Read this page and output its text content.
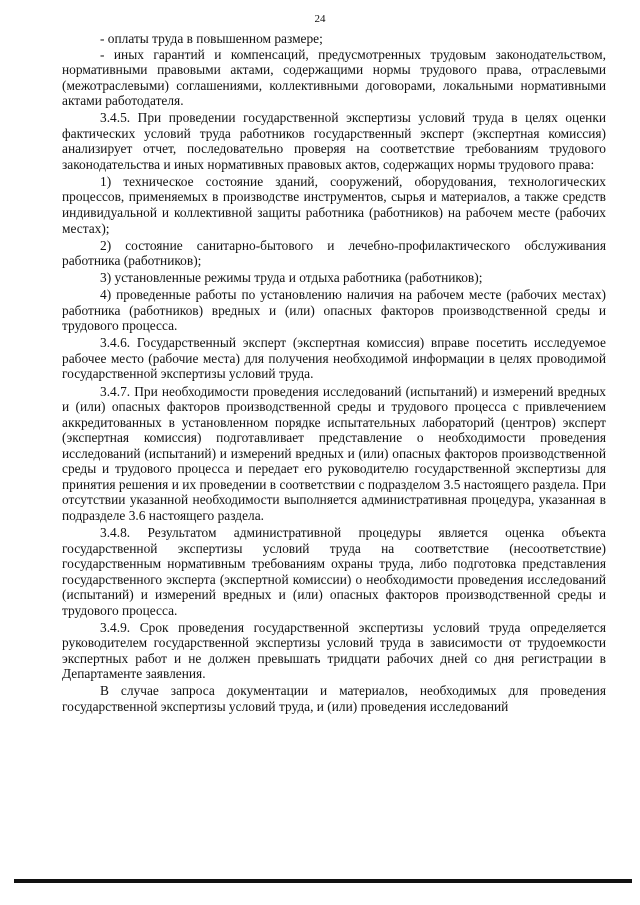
24

- оплаты труда в повышенном размере;

- иных гарантий и компенсаций, предусмотренных трудовым законодательством, нормативными правовыми актами, содержащими нормы трудового права, отраслевыми (межотраслевыми) соглашениями, коллективными договорами, локальными нормативными актами работодателя.

3.4.5. При проведении государственной экспертизы условий труда в целях оценки фактических условий труда работников государственный эксперт (экспертная комиссия) анализирует отчет, последовательно проверяя на соответствие требованиям трудового законодательства и иных нормативных правовых актов, содержащих нормы трудового права:

1) техническое состояние зданий, сооружений, оборудования, технологических процессов, применяемых в производстве инструментов, сырья и материалов, а также средств индивидуальной и коллективной защиты работника (работников) на рабочем месте (рабочих местах);

2) состояние санитарно-бытового и лечебно-профилактического обслуживания работника (работников);

3) установленные режимы труда и отдыха работника (работников);

4) проведенные работы по установлению наличия на рабочем месте (рабочих местах) работника (работников) вредных и (или) опасных факторов производственной среды и трудового процесса.

3.4.6. Государственный эксперт (экспертная комиссия) вправе посетить исследуемое рабочее место (рабочие места) для получения необходимой информации в целях проводимой государственной экспертизы условий труда.

3.4.7. При необходимости проведения исследований (испытаний) и измерений вредных и (или) опасных факторов производственной среды и трудового процесса с привлечением аккредитованных в установленном порядке испытательных лабораторий (центров) эксперт (экспертная комиссия) подготавливает представление о необходимости проведения исследований (испытаний) и измерений вредных и (или) опасных факторов производственной среды и трудового процесса и передает его руководителю государственной экспертизы для принятия решения и их проведении в соответствии с подразделом 3.5 настоящего раздела. При отсутствии указанной необходимости выполняется административная процедура, указанная в подразделе 3.6 настоящего раздела.

3.4.8. Результатом административной процедуры является оценка объекта государственной экспертизы условий труда на соответствие (несоответствие) государственным нормативным требованиям охраны труда, либо подготовка представления государственного эксперта (экспертной комиссии) о необходимости проведения исследований (испытаний) и измерений вредных и (или) опасных факторов производственной среды и трудового процесса.

3.4.9. Срок проведения государственной экспертизы условий труда определяется руководителем государственной экспертизы условий труда в зависимости от трудоемкости экспертных работ и не должен превышать тридцати рабочих дней со дня регистрации в Департаменте заявления.

В случае запроса документации и материалов, необходимых для проведения государственной экспертизы условий труда, и (или) проведения исследований
